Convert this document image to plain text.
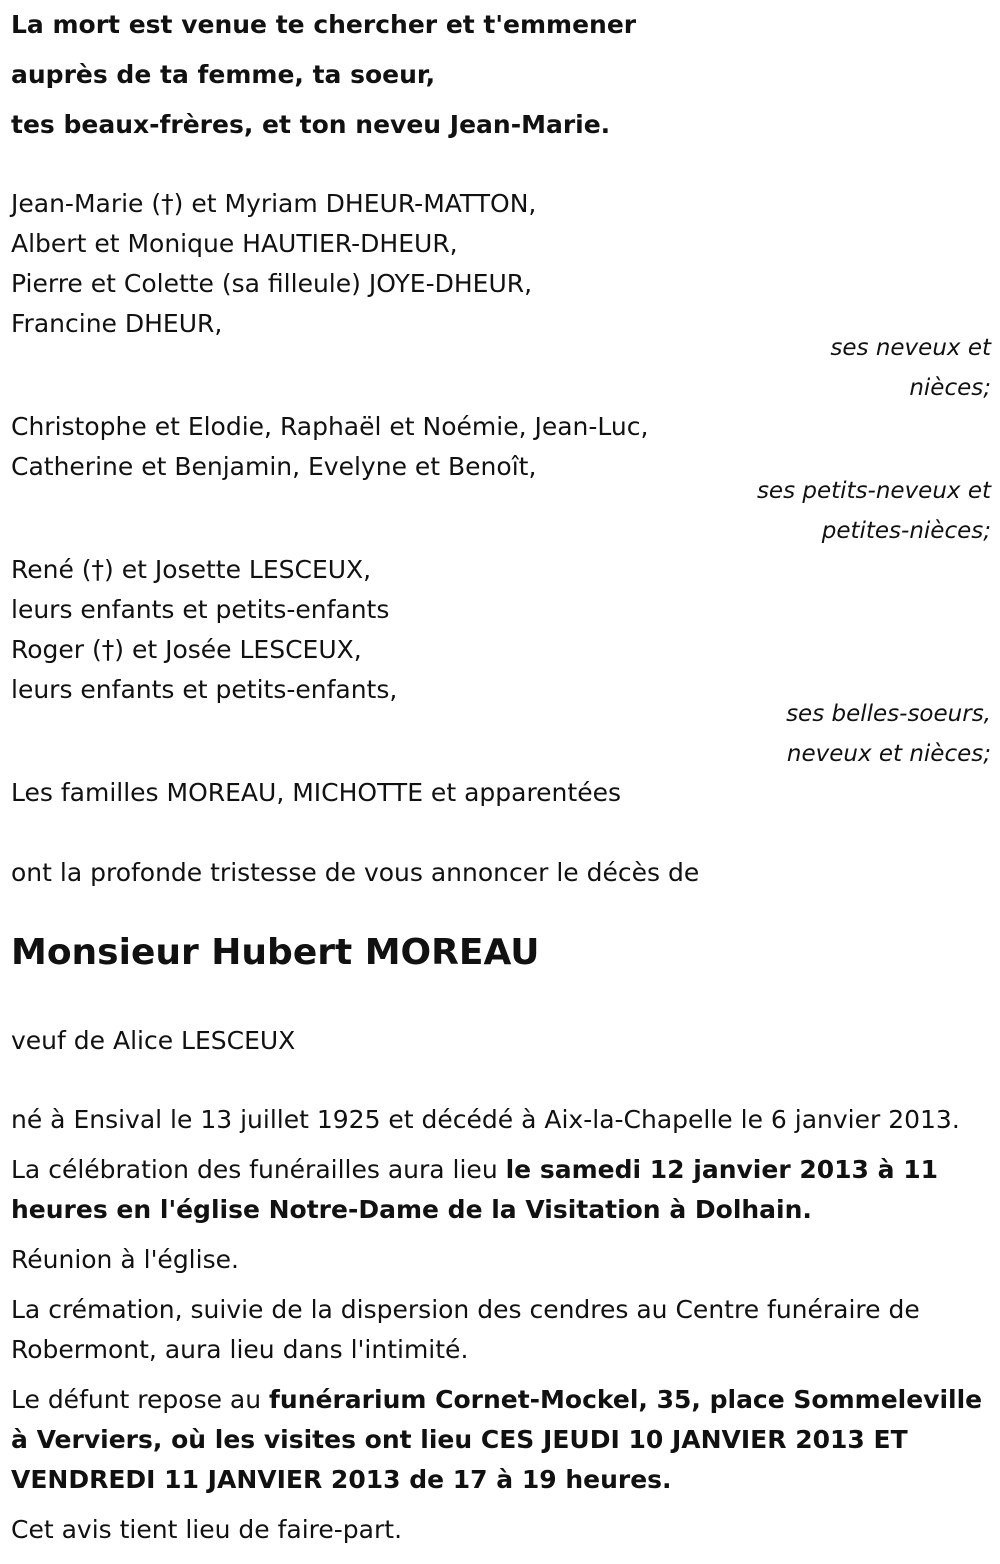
La mort est venue te chercher et t'emmener
auprès de ta femme, ta soeur,
tes beaux-frères, et ton neveu Jean-Marie.
Jean-Marie (†) et Myriam DHEUR-MATTON,
Albert et Monique HAUTIER-DHEUR,
Pierre et Colette (sa filleule) JOYE-DHEUR,
Francine DHEUR,
ses neveux et
nièces;
Christophe et Elodie, Raphaël et Noémie, Jean-Luc,
Catherine et Benjamin, Evelyne et Benoît,
ses petits-neveux et
petites-nièces;
René (†) et Josette LESCEUX,
leurs enfants et petits-enfants
Roger (†) et Josée LESCEUX,
leurs enfants et petits-enfants,
ses belles-soeurs,
neveux et nièces;
Les familles MOREAU, MICHOTTE et apparentées
ont la profonde tristesse de vous annoncer le décès de
Monsieur Hubert MOREAU
veuf de Alice LESCEUX
né à Ensival le 13 juillet 1925 et décédé à Aix-la-Chapelle le 6 janvier 2013.
La célébration des funérailles aura lieu le samedi 12 janvier 2013 à 11
heures en l'église Notre-Dame de la Visitation à Dolhain.
Réunion à l'église.
La crémation, suivie de la dispersion des cendres au Centre funéraire de
Robermont, aura lieu dans l'intimité.
Le défunt repose au funérarium Cornet-Mockel, 35, place Sommeleville
à Verviers, où les visites ont lieu CES JEUDI 10 JANVIER 2013 ET
VENDREDI 11 JANVIER 2013 de 17 à 19 heures.
Cet avis tient lieu de faire-part.
